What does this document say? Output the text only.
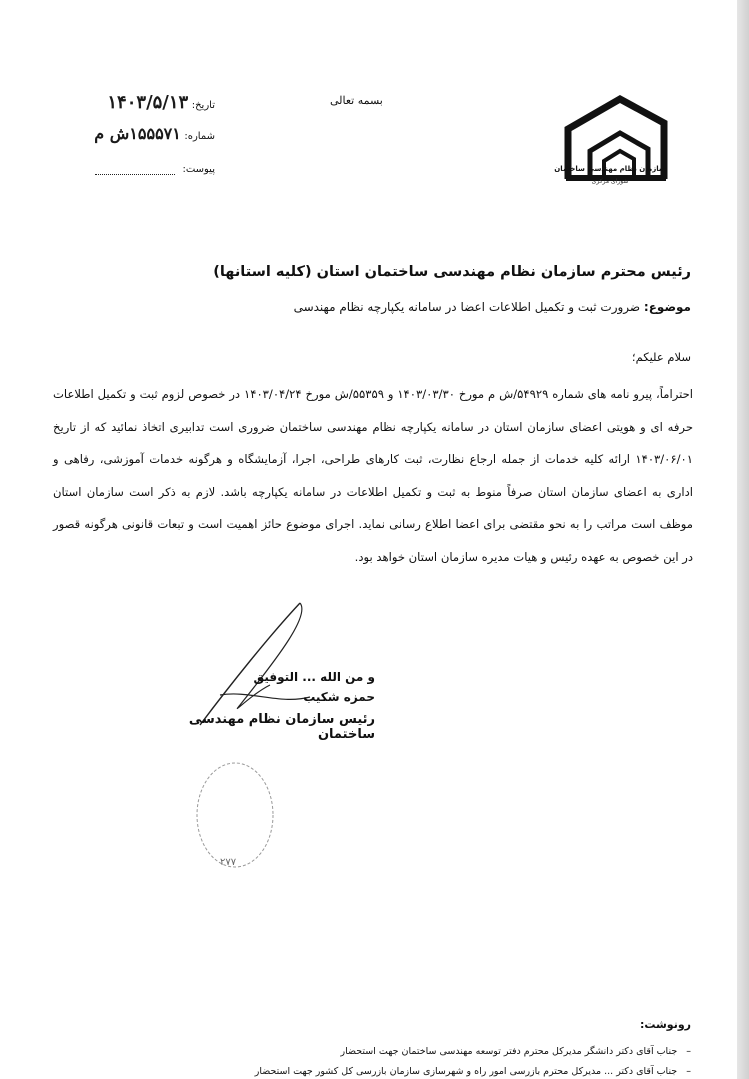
سازمان نظام مهندسی ساختمان
شورای مرکزی
بسمه تعالی
تاریخ: ۱۴۰۳/۵/۱۳
شماره: ۱۵۵۵۷۱ش م
پیوست:
رئیس محترم سازمان نظام مهندسی ساختمان استان (کلیه استانها)
موضوع: ضرورت ثبت و تکمیل اطلاعات اعضا در سامانه یکپارچه نظام مهندسی
سلام علیکم؛
احتراماً، پیرو نامه های شماره ۵۴۹۲۹/ش م مورخ ۱۴۰۳/۰۳/۳۰ و ۵۵۳۵۹/ش مورخ ۱۴۰۳/۰۴/۲۴ در خصوص لزوم ثبت و تکمیل اطلاعات حرفه ای و هویتی اعضای سازمان استان در سامانه یکپارچه نظام مهندسی ساختمان ضروری است تدابیری اتخاذ نمائید که از تاریخ ۱۴۰۳/۰۶/۰۱ ارائه کلیه خدمات از جمله ارجاع نظارت، ثبت کارهای طراحی، اجرا، آزمایشگاه و هرگونه خدمات آموزشی، رفاهی و اداری به اعضای سازمان استان صرفاً منوط به ثبت و تکمیل اطلاعات در سامانه یکپارچه باشد. لازم به ذکر است سازمان استان موظف است مراتب را به نحو مقتضی برای اعضا اطلاع رسانی نماید. اجرای موضوع حائز اهمیت است و تبعات قانونی هرگونه قصور در این خصوص به عهده رئیس و هیات مدیره سازمان استان خواهد بود.
و من الله ... التوفیق
حمزه شکیب
رئیس سازمان نظام مهندسی ساختمان
۲۷۷
رونوشت:
–   جناب آقای دکتر دانشگر مدیرکل محترم دفتر توسعه مهندسی ساختمان جهت استحضار
–   جناب آقای دکتر ... مدیرکل محترم بازرسی امور راه و شهرسازی سازمان بازرسی کل کشور جهت استحضار
